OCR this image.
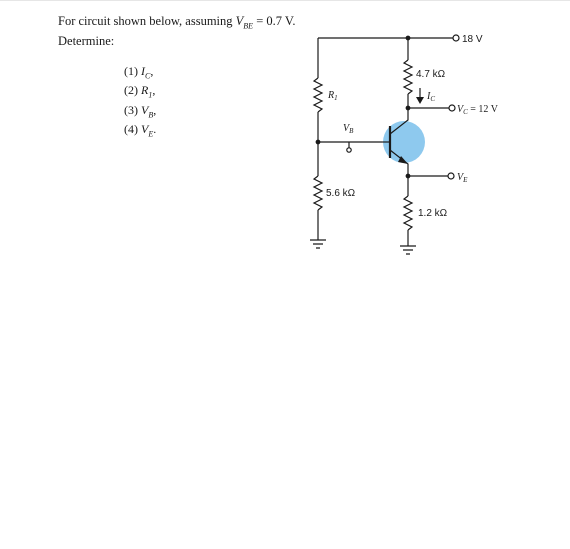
For circuit shown below, assuming $V_{BE} = 0.7$ V.
Determine:
(1) $I_C$,
(2) $R_1$,
(3) $V_B$,
(4) $V_E$.
18 V
$R_1$
$V_B$
5.6 kΩ
4.7 kΩ
$I_C$
$V_C = 12$ V
$V_E$
1.2 kΩ
